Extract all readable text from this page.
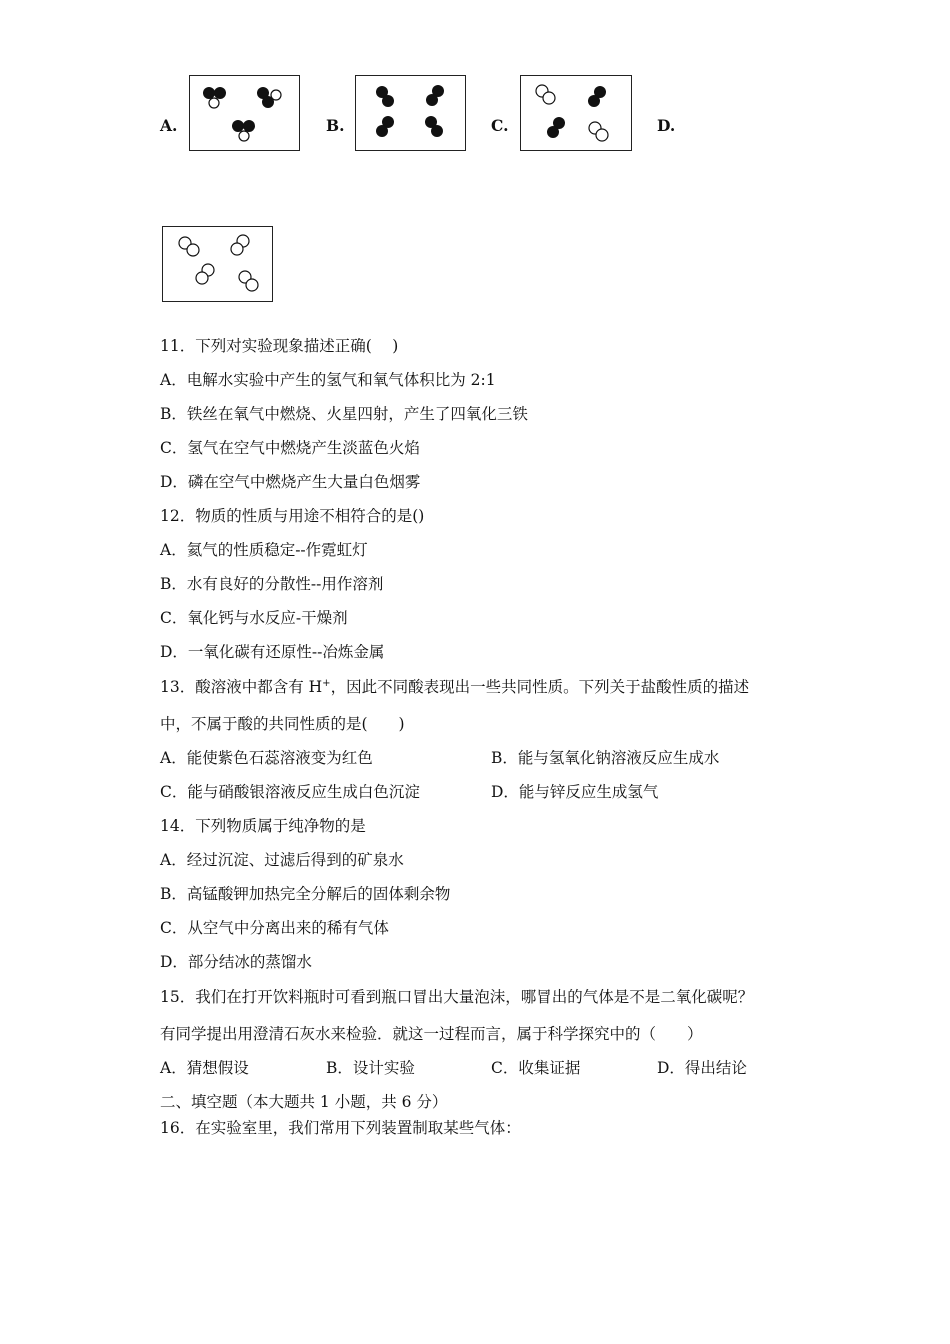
A.	B.	C.	D.
11．下列对实验现象描述正确(　 )
A．电解水实验中产生的氢气和氧气体积比为 2:1
B．铁丝在氧气中燃烧、火星四射，产生了四氧化三铁
C．氢气在空气中燃烧产生淡蓝色火焰
D．磷在空气中燃烧产生大量白色烟雾
12．物质的性质与用途不相符合的是()
A．氦气的性质稳定--作霓虹灯
B．水有良好的分散性--用作溶剂
C．氧化钙与水反应-干燥剂
D．一氧化碳有还原性--冶炼金属
13．酸溶液中都含有 H+，因此不同酸表现出一些共同性质。下列关于盐酸性质的描述
中，不属于酸的共同性质的是(　　)
A．能使紫色石蕊溶液变为红色	B．能与氢氧化钠溶液反应生成水
C．能与硝酸银溶液反应生成白色沉淀	D．能与锌反应生成氢气
14．下列物质属于纯净物的是
A．经过沉淀、过滤后得到的矿泉水
B．高锰酸钾加热完全分解后的固体剩余物
C．从空气中分离出来的稀有气体
D．部分结冰的蒸馏水
15．我们在打开饮料瓶时可看到瓶口冒出大量泡沫，哪冒出的气体是不是二氧化碳呢？
有同学提出用澄清石灰水来检验．就这一过程而言，属于科学探究中的（　　）
A．猜想假设	B．设计实验	C．收集证据	D．得出结论
二、填空题（本大题共 1 小题，共 6 分）
16．在实验室里，我们常用下列装置制取某些气体：
